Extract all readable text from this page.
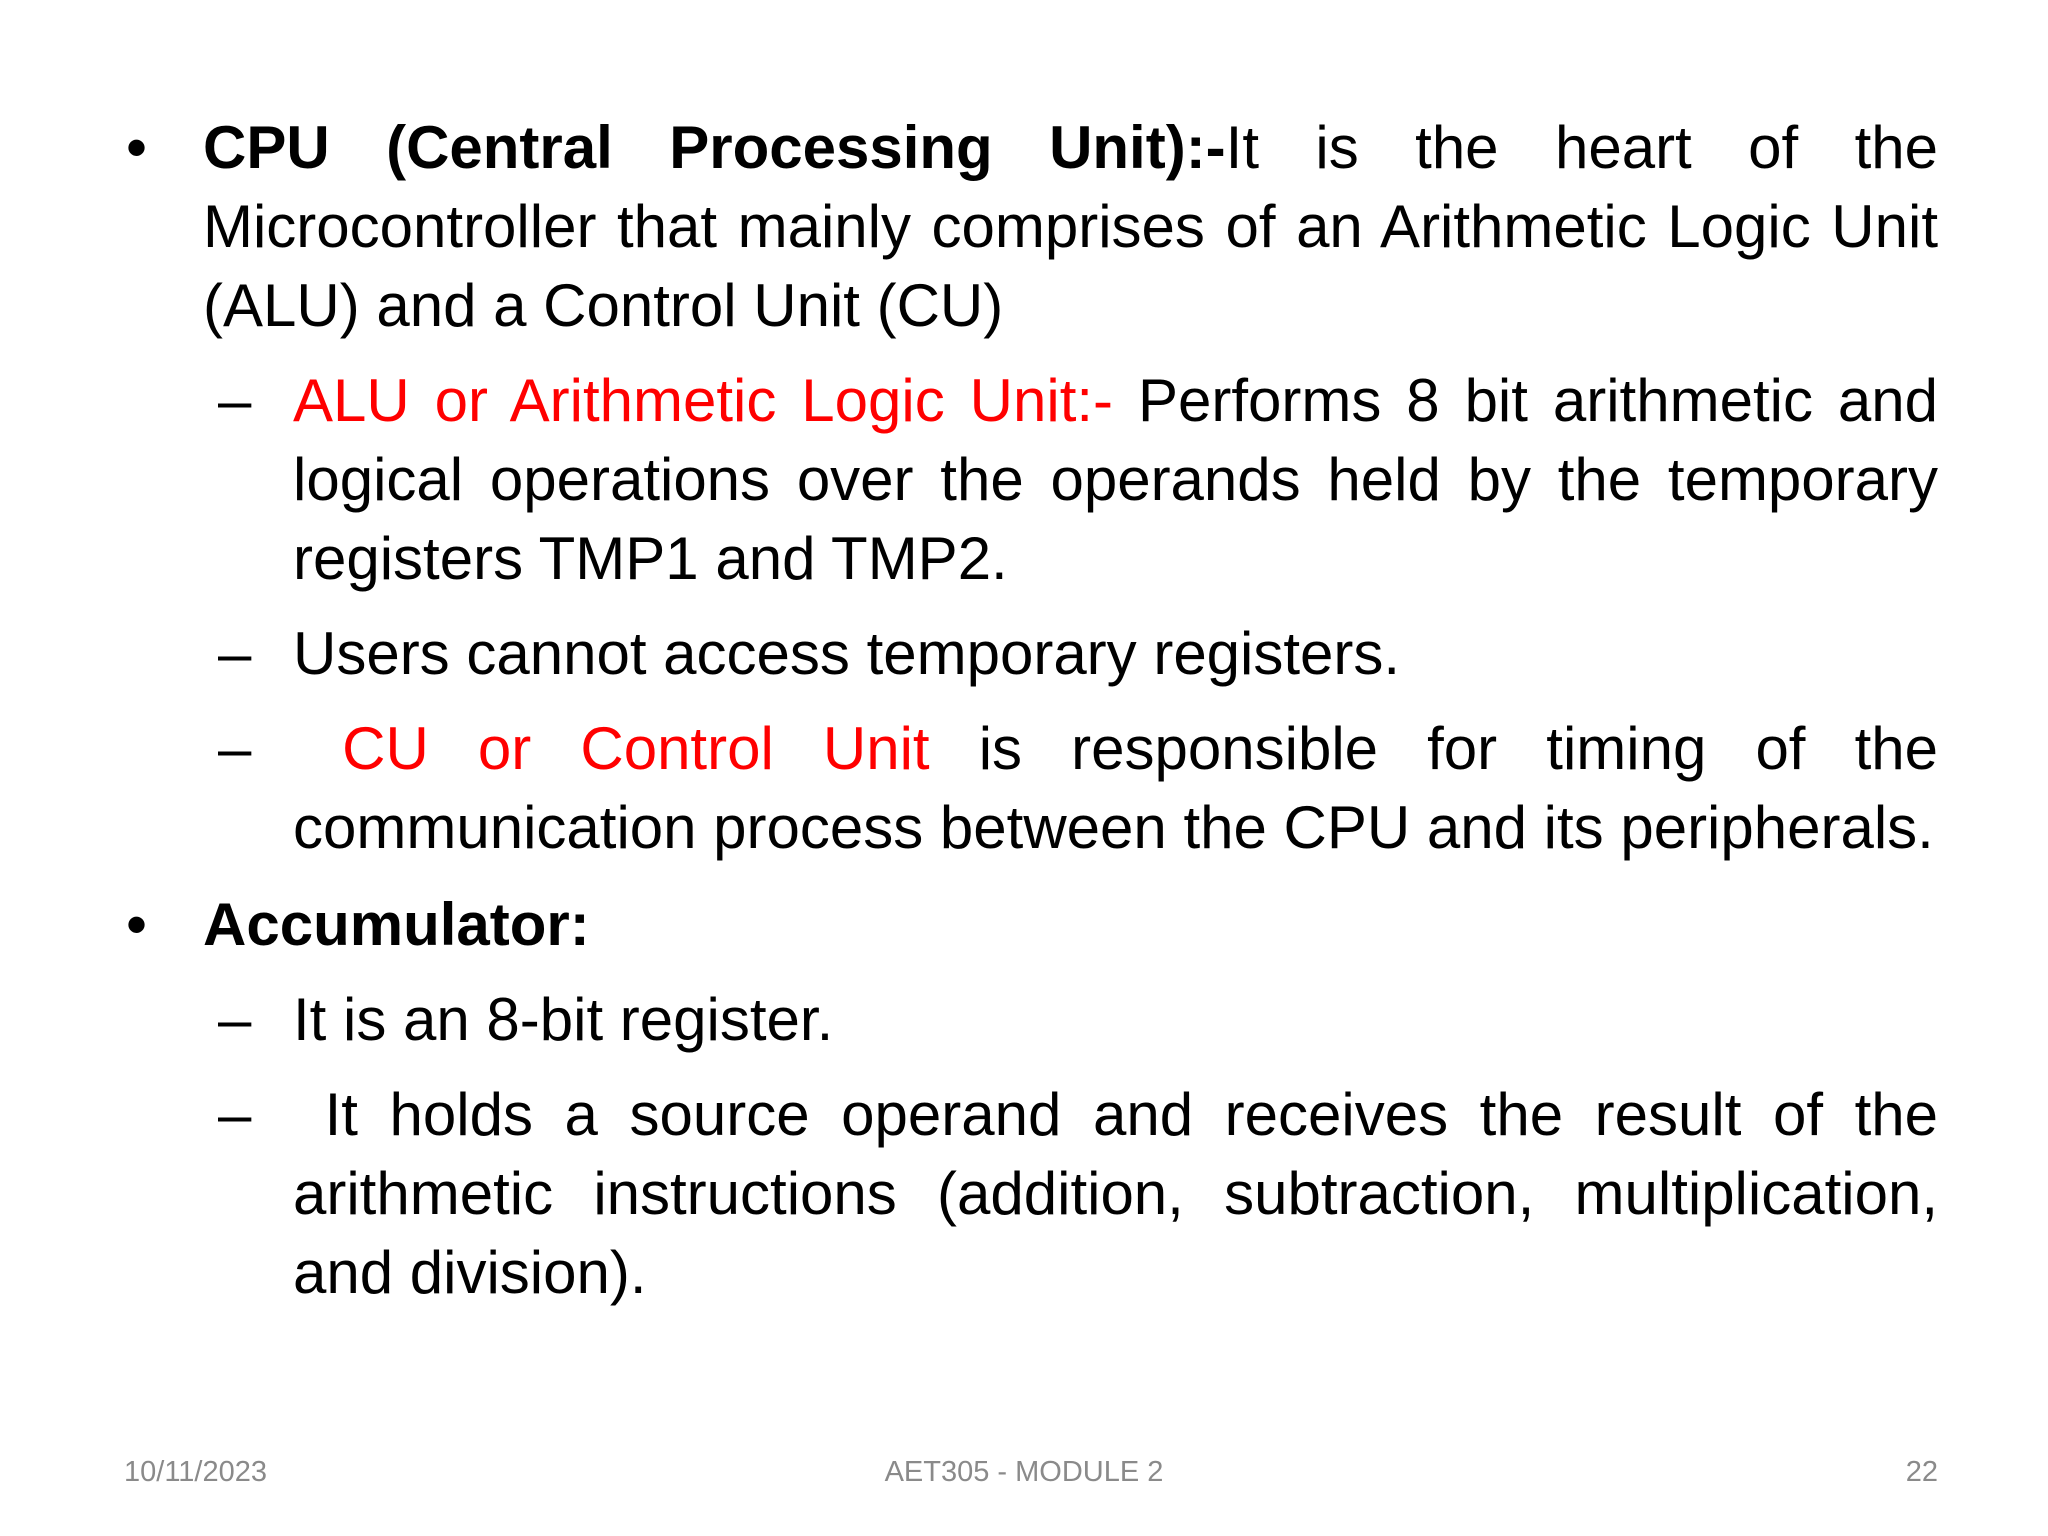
• CPU (Central Processing Unit):-It is the heart of the Microcontroller that mainly comprises of an Arithmetic Logic Unit (ALU) and a Control Unit (CU)
– ALU or Arithmetic Logic Unit:- Performs 8 bit arithmetic and logical operations over the operands held by the temporary registers TMP1 and TMP2.
– Users cannot access temporary registers.
–	CU or Control Unit is responsible for timing of the communication process between the CPU and its peripherals.
• Accumulator:
– It is an 8-bit register.
–	It holds a source operand and receives the result of the arithmetic instructions (addition, subtraction, multiplication, and division).
10/11/2023	AET305 - MODULE 2	22
